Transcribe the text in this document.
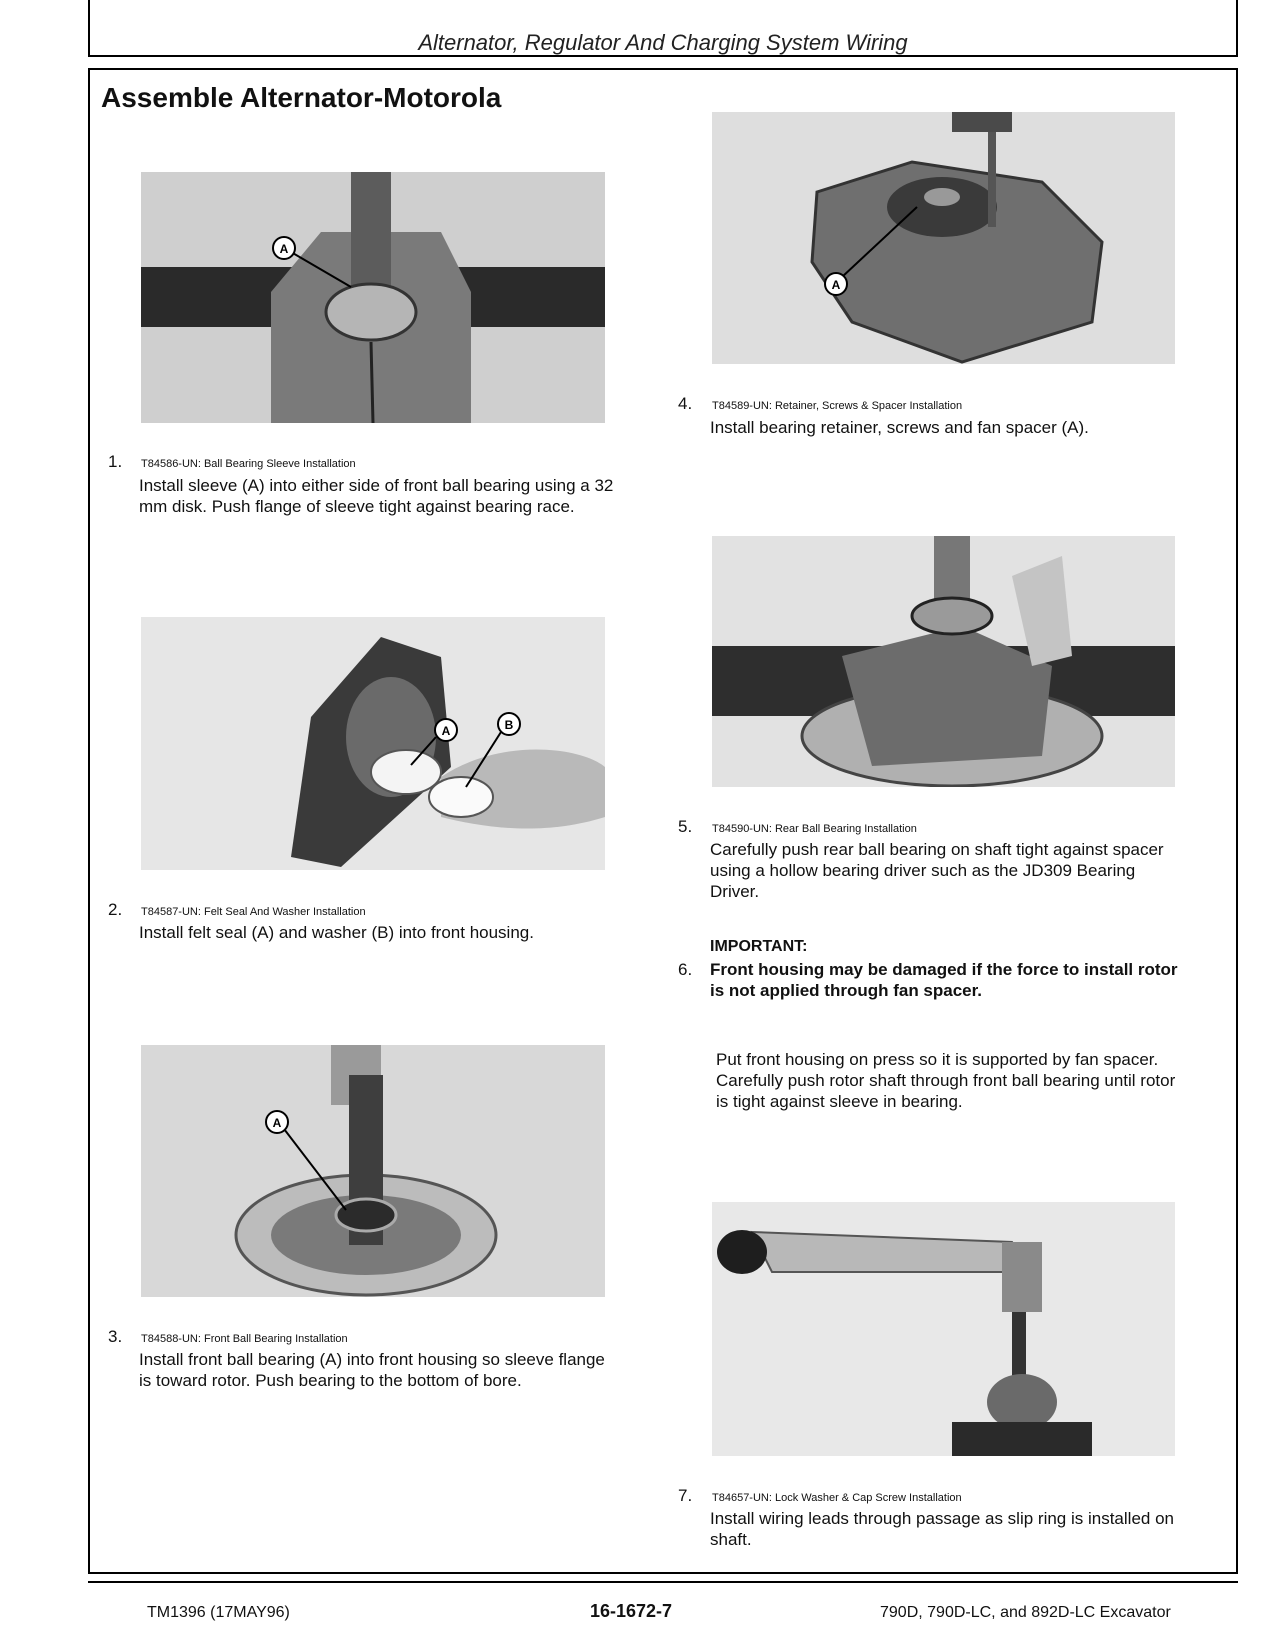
Alternator, Regulator And Charging System Wiring
Assemble Alternator-Motorola
A
1. T84586-UN: Ball Bearing Sleeve Installation
Install sleeve (A) into either side of front ball bearing using a 32
mm disk. Push flange of sleeve tight against bearing race.
A	B
2. T84587-UN: Felt Seal And Washer Installation
Install felt seal (A) and washer (B) into front housing.
A
3. T84588-UN: Front Ball Bearing Installation
Install front ball bearing (A) into front housing so sleeve flange
is toward rotor. Push bearing to the bottom of bore.
A
4. T84589-UN: Retainer, Screws & Spacer Installation
Install bearing retainer, screws and fan spacer (A).
5. T84590-UN: Rear Ball Bearing Installation
Carefully push rear ball bearing on shaft tight against spacer
using a hollow bearing driver such as the JD309 Bearing
Driver.
IMPORTANT:
6. Front housing may be damaged if the force to install rotor
is not applied through fan spacer.
Put front housing on press so it is supported by fan spacer.
Carefully push rotor shaft through front ball bearing until rotor
is tight against sleeve in bearing.
7. T84657-UN: Lock Washer & Cap Screw Installation
Install wiring leads through passage as slip ring is installed on
shaft.
TM1396 (17MAY96)	16-1672-7	790D, 790D-LC, and 892D-LC Excavator
